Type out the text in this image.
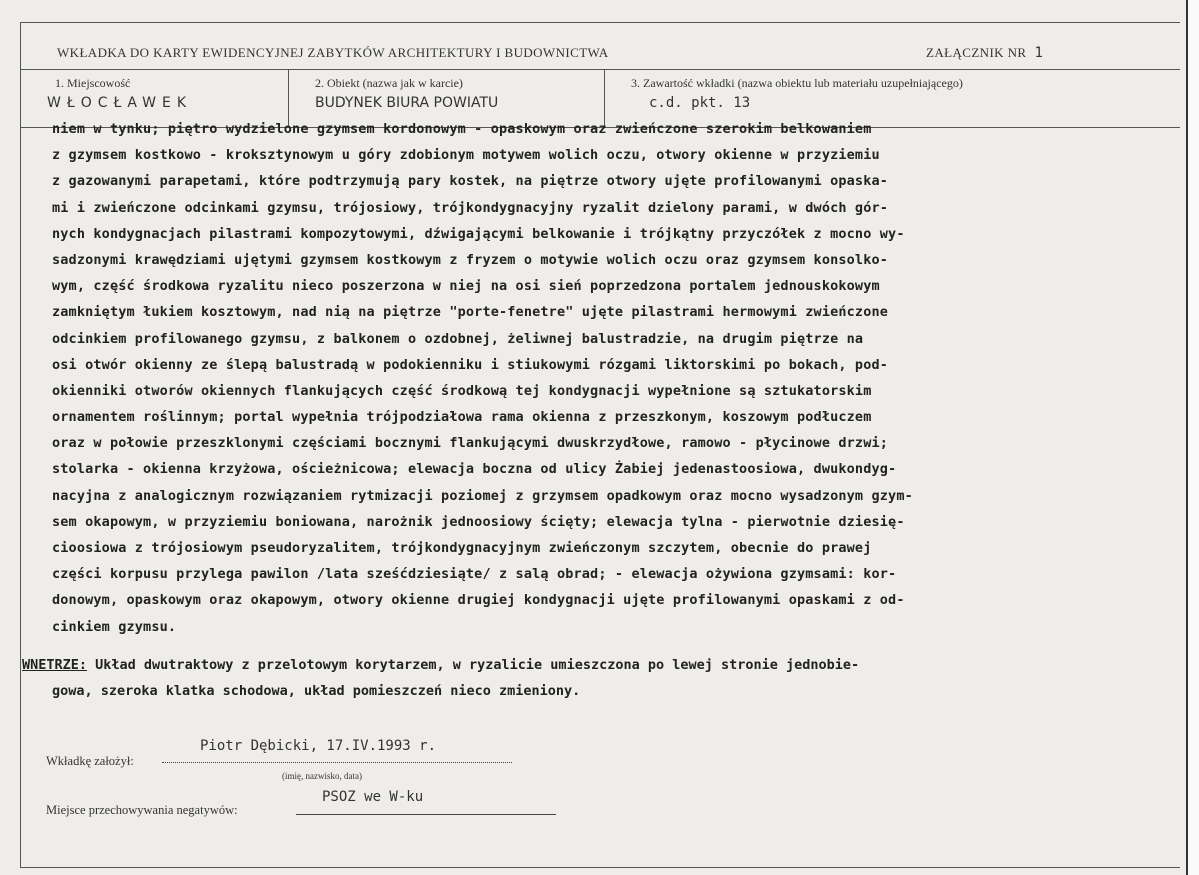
WKŁADKA DO KARTY EWIDENCYJNEJ ZABYTKÓW ARCHITEKTURY I BUDOWNICTWA	ZAŁĄCZNIK NR 1
1. Miejscowość
WŁOCŁAWEK
2. Obiekt (nazwa jak w karcie)
BUDYNEK BIURA POWIATU
3. Zawartość wkładki (nazwa obiektu lub materiału uzupełniającego)
c.d. pkt. 13
niem w tynku; piętro wydzielone gzymsem kordonowym - opaskowym oraz zwieńczone szerokim belkowaniem
z gzymsem kostkowo - kroksztynowym u góry zdobionym motywem wolich oczu, otwory okienne w przyziemiu
z gazowanymi parapetami, które podtrzymują pary kostek, na piętrze otwory ujęte profilowanymi opaska-
mi i zwieńczone odcinkami gzymsu, trójosiowy, trójkondygnacyjny ryzalit dzielony parami, w dwóch gór-
nych kondygnacjach pilastrami kompozytowymi, dźwigającymi belkowanie i trójkątny przyczółek z mocno wy-
sadzonymi krawędziami ujętymi gzymsem kostkowym z fryzem o motywie wolich oczu oraz gzymsem konsolko-
wym, część środkowa ryzalitu nieco poszerzona w niej na osi sień poprzedzona portalem jednouskokowym
zamkniętym łukiem kosztowym, nad nią na piętrze "porte-fenetre" ujęte pilastrami hermowymi zwieńczone
odcinkiem profilowanego gzymsu, z balkonem o ozdobnej, żeliwnej balustradzie, na drugim piętrze na
osi otwór okienny ze ślepą balustradą w podokienniku i stiukowymi rózgami liktorskimi po bokach, pod-
okienniki otworów okiennych flankujących część środkową tej kondygnacji wypełnione są sztukatorskim
ornamentem roślinnym; portal wypełnia trójpodziałowa rama okienna z przeszkonym, koszowym podłuczem
oraz w połowie przeszklonymi częściami bocznymi flankującymi dwuskrzydłowe, ramowo - płycinowe drzwi;
stolarka - okienna krzyżowa, ościeżnicowa; elewacja boczna od ulicy Żabiej jedenastoosiowa, dwukondyg-
nacyjna z analogicznym rozwiązaniem rytmizacji poziomej z grzymsem opadkowym oraz mocno wysadzonym gzym-
sem okapowym, w przyziemiu boniowana, narożnik jednoosiowy ścięty; elewacja tylna - pierwotnie dziesię-
cioosiowa z trójosiowym pseudoryzalitem, trójkondygnacyjnym zwieńczonym szczytem, obecnie do prawej
części korpusu przylega pawilon /lata sześćdziesiąte/ z salą obrad; - elewacja ożywiona gzymsami: kor-
donowym, opaskowym oraz okapowym, otwory okienne drugiej kondygnacji ujęte profilowanymi opaskami z od-
cinkiem gzymsu.
WNETRZE: Układ dwutraktowy z przelotowym korytarzem, w ryzalicie umieszczona po lewej stronie jednobie-
gowa, szeroka klatka schodowa, układ pomieszczeń nieco zmieniony.
Wkładkę założył:
Piotr Dębicki, 17.IV.1993 r.
(imię, nazwisko, data)
Miejsce przechowywania negatywów:
PSOZ we W-ku
